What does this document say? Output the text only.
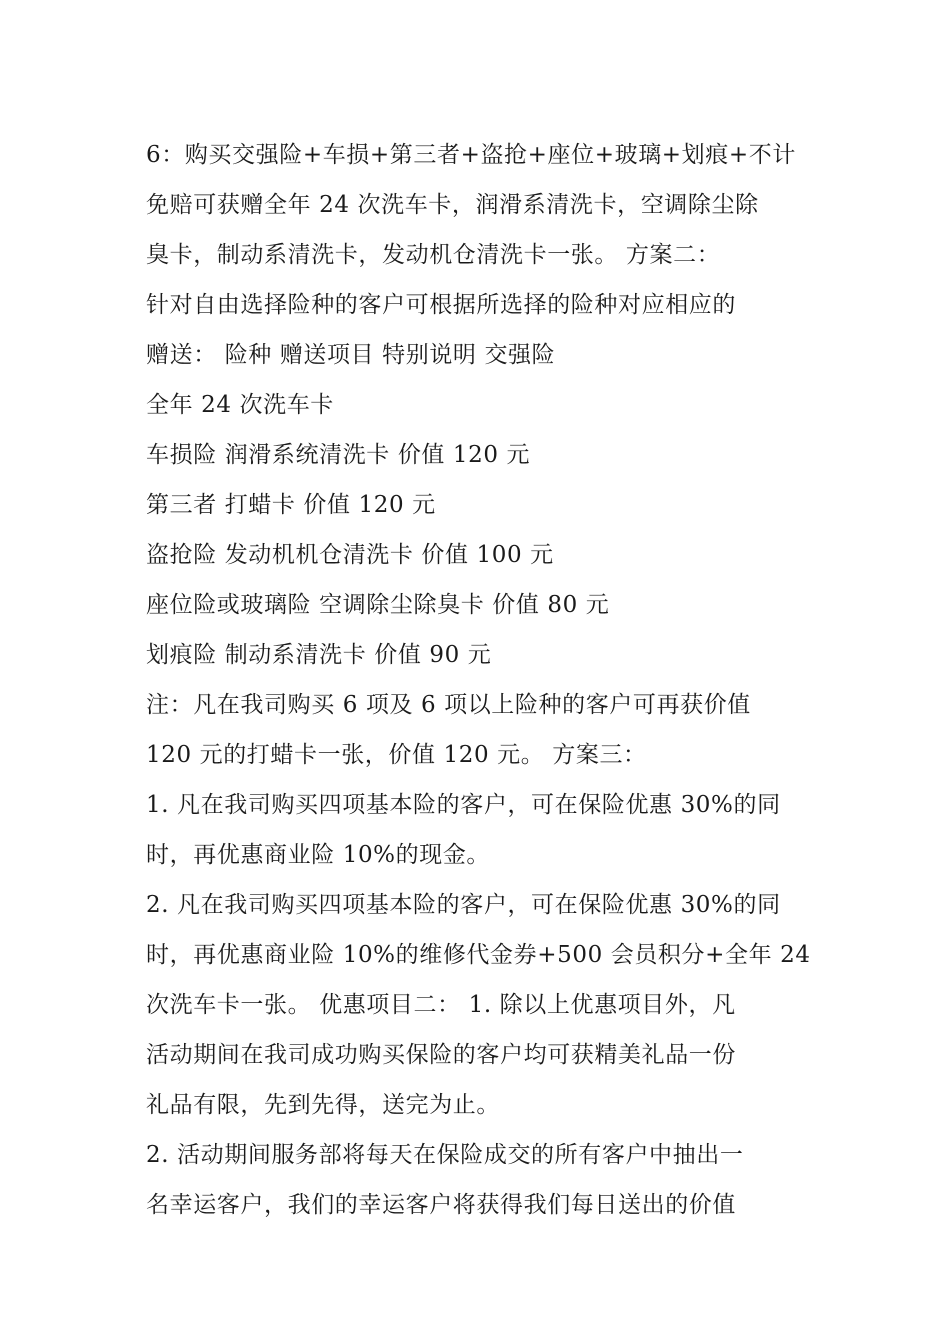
6：购买交强险+车损+第三者+盗抢+座位+玻璃+划痕+不计
免赔可获赠全年 24 次洗车卡，润滑系清洗卡，空调除尘除
臭卡，制动系清洗卡，发动机仓清洗卡一张。 方案二：
针对自由选择险种的客户可根据所选择的险种对应相应的
赠送： 险种 赠送项目 特别说明 交强险
全年 24 次洗车卡
车损险 润滑系统清洗卡 价值 120 元
第三者 打蜡卡 价值 120 元
盗抢险 发动机机仓清洗卡 价值 100 元
座位险或玻璃险 空调除尘除臭卡 价值 80 元
划痕险 制动系清洗卡 价值 90 元
注：凡在我司购买 6 项及 6 项以上险种的客户可再获价值
120 元的打蜡卡一张，价值 120 元。 方案三：
1. 凡在我司购买四项基本险的客户，可在保险优惠 30%的同
时，再优惠商业险 10%的现金。
2. 凡在我司购买四项基本险的客户，可在保险优惠 30%的同
时，再优惠商业险 10%的维修代金券+500 会员积分+全年 24
次洗车卡一张。 优惠项目二： 1. 除以上优惠项目外，凡
活动期间在我司成功购买保险的客户均可获精美礼品一份
礼品有限，先到先得，送完为止。
2. 活动期间服务部将每天在保险成交的所有客户中抽出一
名幸运客户，我们的幸运客户将获得我们每日送出的价值
